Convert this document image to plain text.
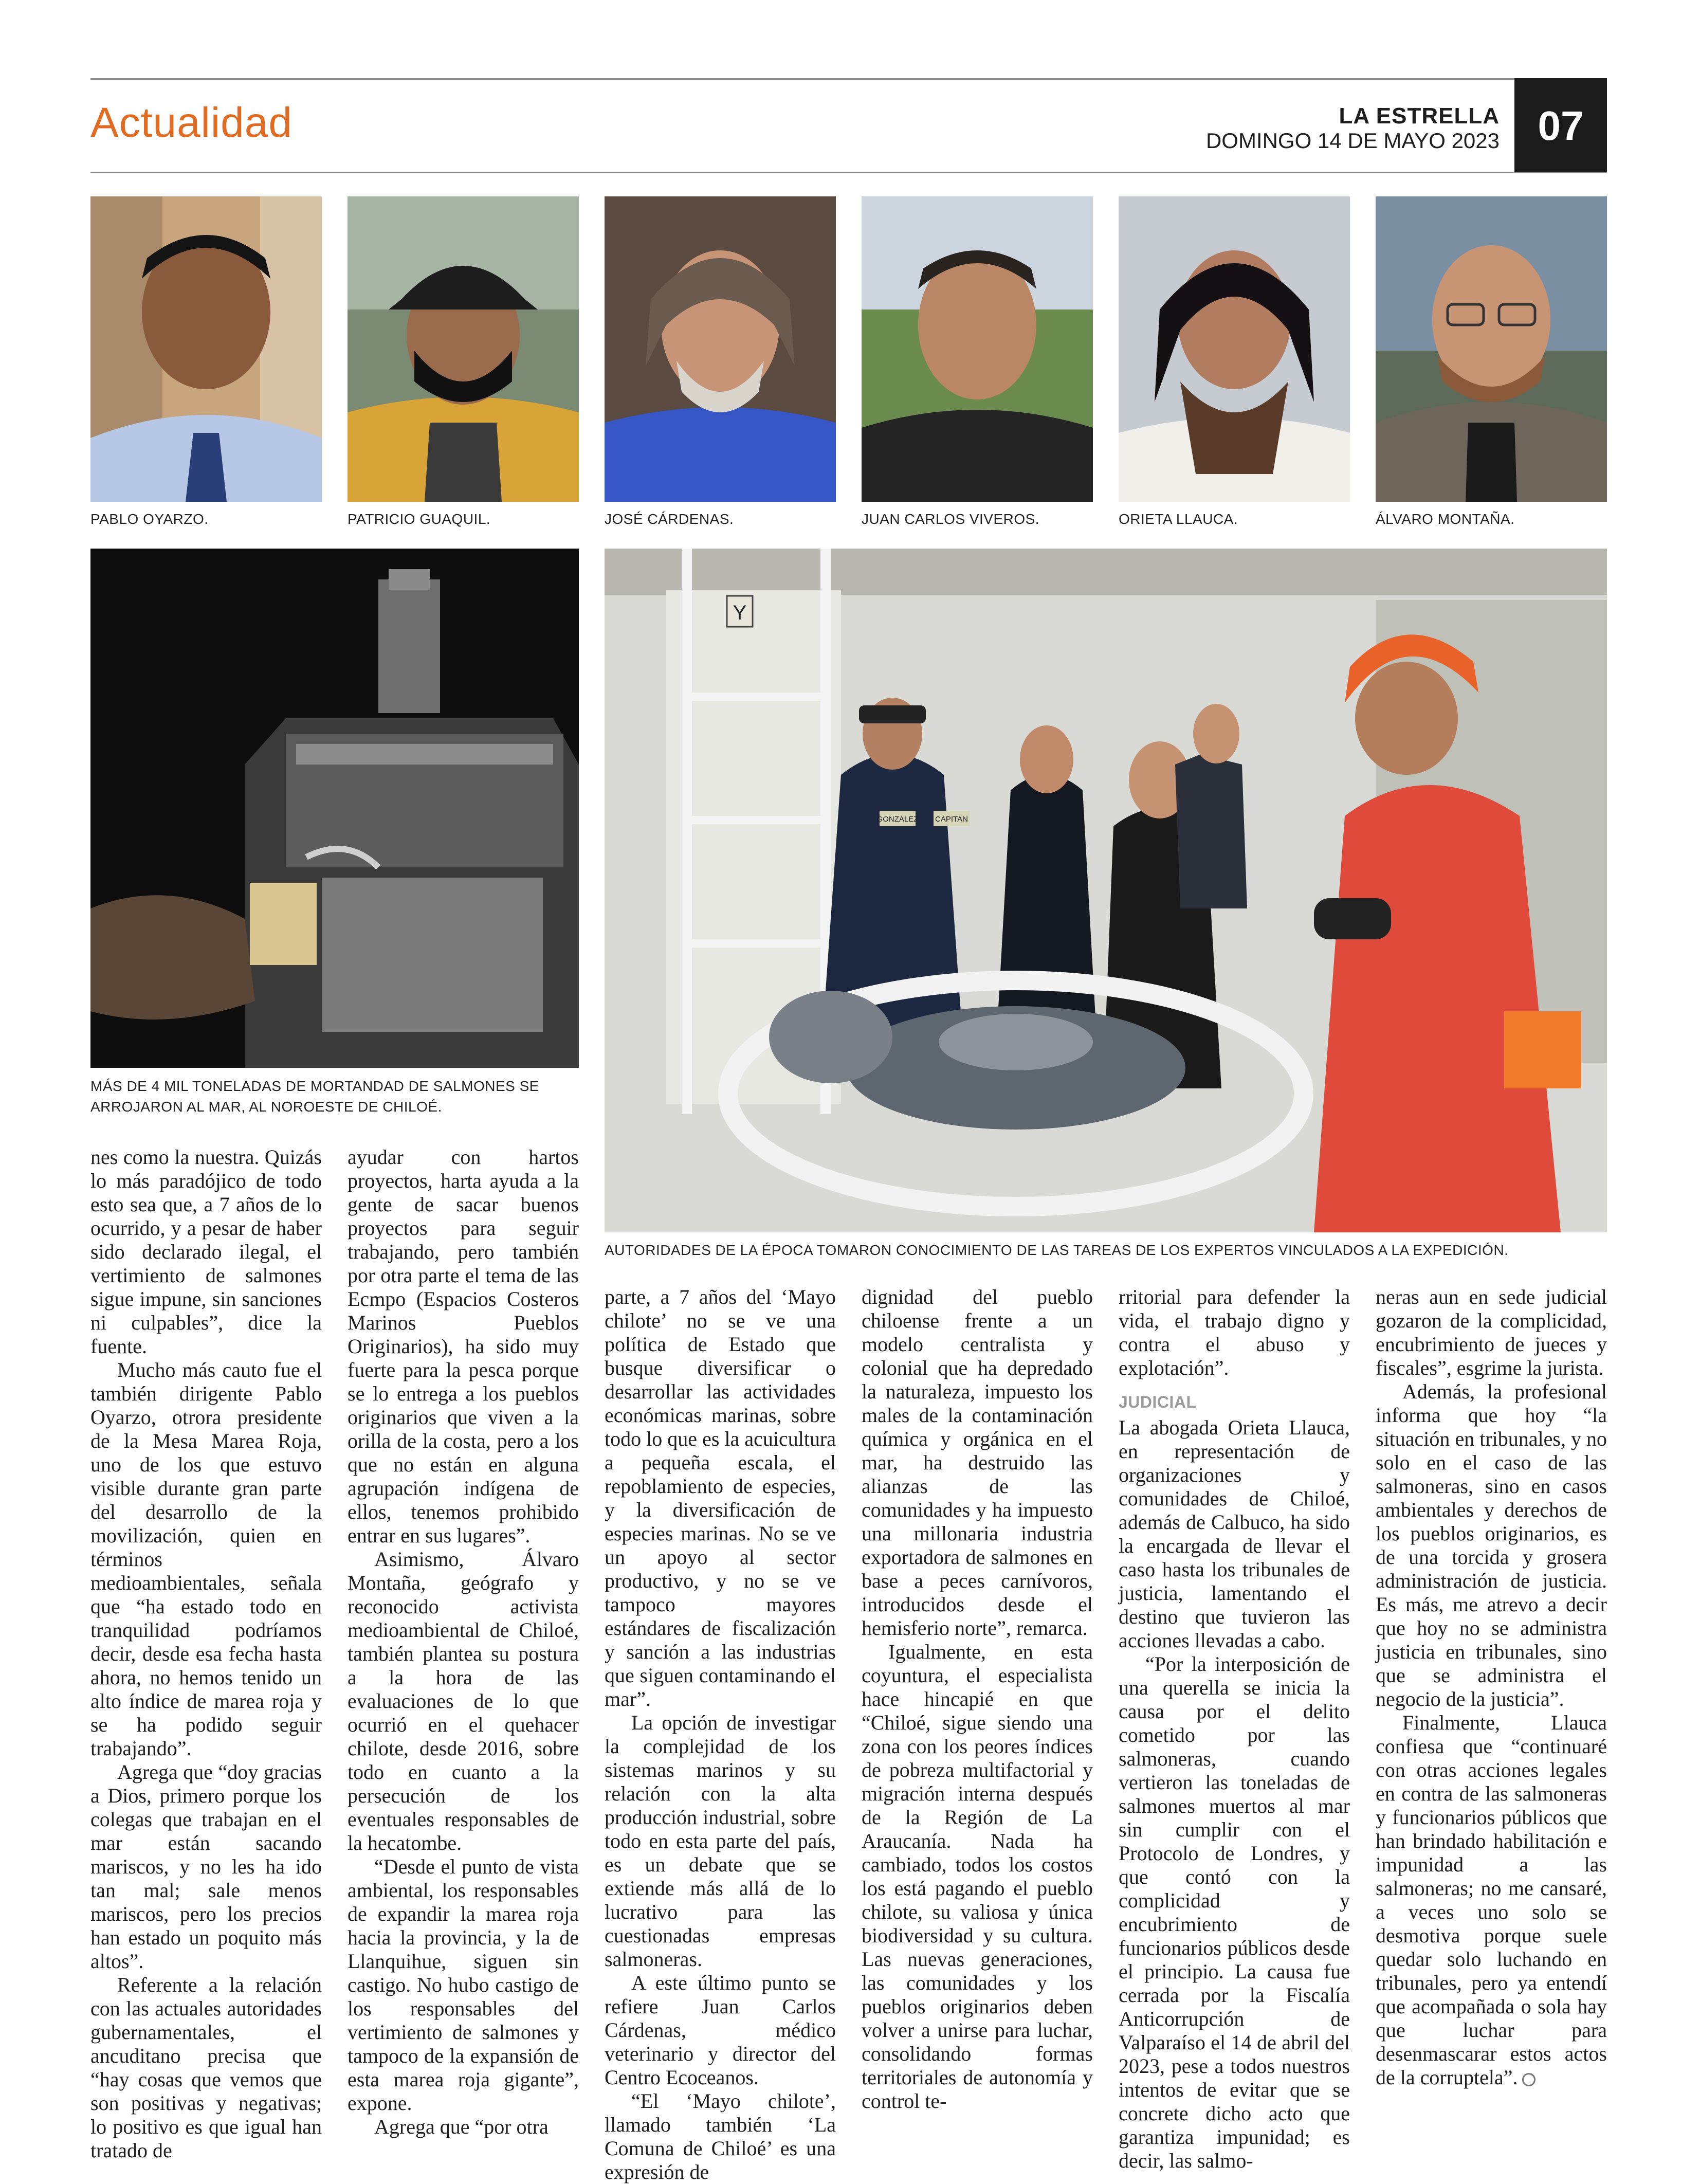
Actualidad	LA ESTRELLA
DOMINGO 14 DE MAYO 2023 07
PABLO OYARZO.	PATRICIO GUAQUIL.	JOSÉ CÁRDENAS.	JUAN CARLOS VIVEROS.	ORIETA LLAUCA.	ÁLVARO MONTAÑA.
MÁS DE 4 MIL TONELADAS DE MORTANDAD DE SALMONES SE
ARROJARON AL MAR, AL NOROESTE DE CHILOÉ.
Y
GONZALEZ CAPITAN
AUTORIDADES DE LA ÉPOCA TOMARON CONOCIMIENTO DE LAS TAREAS DE LOS EXPERTOS VINCULADOS A LA EXPEDICIÓN.

nes como la nuestra. Quizás lo más paradójico de todo esto sea que, a 7 años de lo ocurrido, y a pesar de haber sido declarado ilegal, el vertimiento de salmones sigue impune, sin sanciones ni culpables”, dice la fuente.

Mucho más cauto fue el también dirigente Pablo Oyarzo, otrora presidente de la Mesa Marea Roja, uno de los que estuvo visible durante gran parte del desarrollo de la movilización, quien en términos medioambientales, señala que “ha estado todo en tranquilidad podríamos decir, desde esa fecha hasta ahora, no hemos tenido un alto índice de marea roja y se ha podido seguir trabajando”.

Agrega que “doy gracias a Dios, primero porque los colegas que trabajan en el mar están sacando mariscos, y no les ha ido tan mal; sale menos mariscos, pero los precios han estado un poquito más altos”.

Referente a la relación con las actuales autoridades gubernamentales, el ancuditano precisa que “hay cosas que vemos que son positivas y negativas; lo positivo es que igual han tratado de

ayudar con hartos proyectos, harta ayuda a la gente de sacar buenos proyectos para seguir trabajando, pero también por otra parte el tema de las Ecmpo (Espacios Costeros Marinos Pueblos Originarios), ha sido muy fuerte para la pesca porque se lo entrega a los pueblos originarios que viven a la orilla de la costa, pero a los que no están en alguna agrupación indígena de ellos, tenemos prohibido entrar en sus lugares”.

Asimismo, Álvaro Montaña, geógrafo y reconocido activista medioambiental de Chiloé, también plantea su postura a la hora de las evaluaciones de lo que ocurrió en el quehacer chilote, desde 2016, sobre todo en cuanto a la persecución de los eventuales responsables de la hecatombe.

“Desde el punto de vista ambiental, los responsables de expandir la marea roja hacia la provincia, y la de Llanquihue, siguen sin castigo. No hubo castigo de los responsables del vertimiento de salmones y tampoco de la expansión de esta marea roja gigante”, expone.

Agrega que “por otra

parte, a 7 años del ‘Mayo chilote’ no se ve una política de Estado que busque diversificar o desarrollar las actividades económicas marinas, sobre todo lo que es la acuicultura a pequeña escala, el repoblamiento de especies, y la diversificación de especies marinas. No se ve un apoyo al sector productivo, y no se ve tampoco mayores estándares de fiscalización y sanción a las industrias que siguen contaminando el mar”.

La opción de investigar la complejidad de los sistemas marinos y su relación con la alta producción industrial, sobre todo en esta parte del país, es un debate que se extiende más allá de lo lucrativo para las cuestionadas empresas salmoneras.

A este último punto se refiere Juan Carlos Cárdenas, médico veterinario y director del Centro Ecoceanos.

“El ‘Mayo chilote’, llamado también ‘La Comuna de Chiloé’ es una expresión de

dignidad del pueblo chiloense frente a un modelo centralista y colonial que ha depredado la naturaleza, impuesto los males de la contaminación química y orgánica en el mar, ha destruido las alianzas de las comunidades y ha impuesto una millonaria industria exportadora de salmones en base a peces carnívoros, introducidos desde el hemisferio norte”, remarca.

Igualmente, en esta coyuntura, el especialista hace hincapié en que “Chiloé, sigue siendo una zona con los peores índices de pobreza multifactorial y migración interna después de la Región de La Araucanía. Nada ha cambiado, todos los costos los está pagando el pueblo chilote, su valiosa y única biodiversidad y su cultura. Las nuevas generaciones, las comunidades y los pueblos originarios deben volver a unirse para luchar, consolidando formas territoriales de autonomía y control te-

rritorial para defender la vida, el trabajo digno y contra el abuso y explotación”.

JUDICIAL

La abogada Orieta Llauca, en representación de organizaciones y comunidades de Chiloé, además de Calbuco, ha sido la encargada de llevar el caso hasta los tribunales de justicia, lamentando el destino que tuvieron las acciones llevadas a cabo.

“Por la interposición de una querella se inicia la causa por el delito cometido por las salmoneras, cuando vertieron las toneladas de salmones muertos al mar sin cumplir con el Protocolo de Londres, y que contó con la complicidad y encubrimiento de funcionarios públicos desde el principio. La causa fue cerrada por la Fiscalía Anticorrupción de Valparaíso el 14 de abril del 2023, pese a todos nuestros intentos de evitar que se concrete dicho acto que garantiza impunidad; es decir, las salmo-

neras aun en sede judicial gozaron de la complicidad, encubrimiento de jueces y fiscales”, esgrime la jurista.

Además, la profesional informa que hoy “la situación en tribunales, y no solo en el caso de las salmoneras, sino en casos ambientales y derechos de los pueblos originarios, es de una torcida y grosera administración de justicia. Es más, me atrevo a decir que hoy no se administra justicia en tribunales, sino que se administra el negocio de la justicia”.

Finalmente, Llauca confiesa que “continuaré con otras acciones legales en contra de las salmoneras y funcionarios públicos que han brindado habilitación e impunidad a las salmoneras; no me cansaré, a veces uno solo se desmotiva porque suele quedar solo luchando en tribunales, pero ya entendí que acompañada o sola hay que luchar para desenmascarar estos actos de la corruptela”.
